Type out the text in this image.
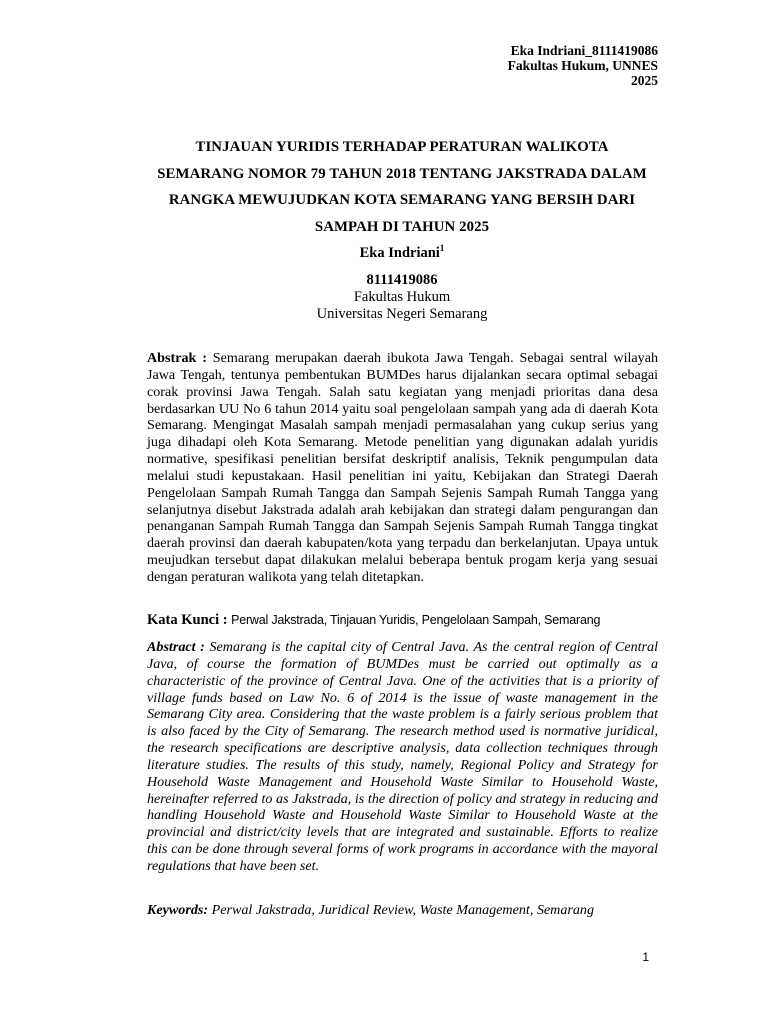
Eka Indriani_8111419086
Fakultas Hukum, UNNES
2025
TINJAUAN YURIDIS TERHADAP PERATURAN WALIKOTA
SEMARANG NOMOR 79 TAHUN 2018 TENTANG JAKSTRADA DALAM
RANGKA MEWUJUDKAN KOTA SEMARANG YANG BERSIH DARI
SAMPAH DI TAHUN 2025
Eka Indriani$^1$
8111419086
Fakultas Hukum
Universitas Negeri Semarang
Abstrak : Semarang merupakan daerah ibukota Jawa Tengah. Sebagai sentral wilayah Jawa Tengah, tentunya pembentukan BUMDes harus dijalankan secara optimal sebagai corak provinsi Jawa Tengah. Salah satu kegiatan yang menjadi prioritas dana desa berdasarkan UU No 6 tahun 2014 yaitu soal pengelolaan sampah yang ada di daerah Kota Semarang. Mengingat Masalah sampah menjadi permasalahan yang cukup serius yang juga dihadapi oleh Kota Semarang. Metode penelitian yang digunakan adalah yuridis normative, spesifikasi penelitian bersifat deskriptif analisis, Teknik pengumpulan data melalui studi kepustakaan. Hasil penelitian ini yaitu, Kebijakan dan Strategi Daerah Pengelolaan Sampah Rumah Tangga dan Sampah Sejenis Sampah Rumah Tangga yang selanjutnya disebut Jakstrada adalah arah kebijakan dan strategi dalam pengurangan dan penanganan Sampah Rumah Tangga dan Sampah Sejenis Sampah Rumah Tangga tingkat daerah provinsi dan daerah kabupaten/kota yang terpadu dan berkelanjutan. Upaya untuk meujudkan tersebut dapat dilakukan melalui beberapa bentuk progam kerja yang sesuai dengan peraturan walikota yang telah ditetapkan.
Kata Kunci : Perwal Jakstrada, Tinjauan Yuridis, Pengelolaan Sampah, Semarang
Abstract : Semarang is the capital city of Central Java. As the central region of Central Java, of course the formation of BUMDes must be carried out optimally as a characteristic of the province of Central Java. One of the activities that is a priority of village funds based on Law No. 6 of 2014 is the issue of waste management in the Semarang City area. Considering that the waste problem is a fairly serious problem that is also faced by the City of Semarang. The research method used is normative juridical, the research specifications are descriptive analysis, data collection techniques through literature studies. The results of this study, namely, Regional Policy and Strategy for Household Waste Management and Household Waste Similar to Household Waste, hereinafter referred to as Jakstrada, is the direction of policy and strategy in reducing and handling Household Waste and Household Waste Similar to Household Waste at the provincial and district/city levels that are integrated and sustainable. Efforts to realize this can be done through several forms of work programs in accordance with the mayoral regulations that have been set.
Keywords: Perwal Jakstrada, Juridical Review, Waste Management, Semarang
1
